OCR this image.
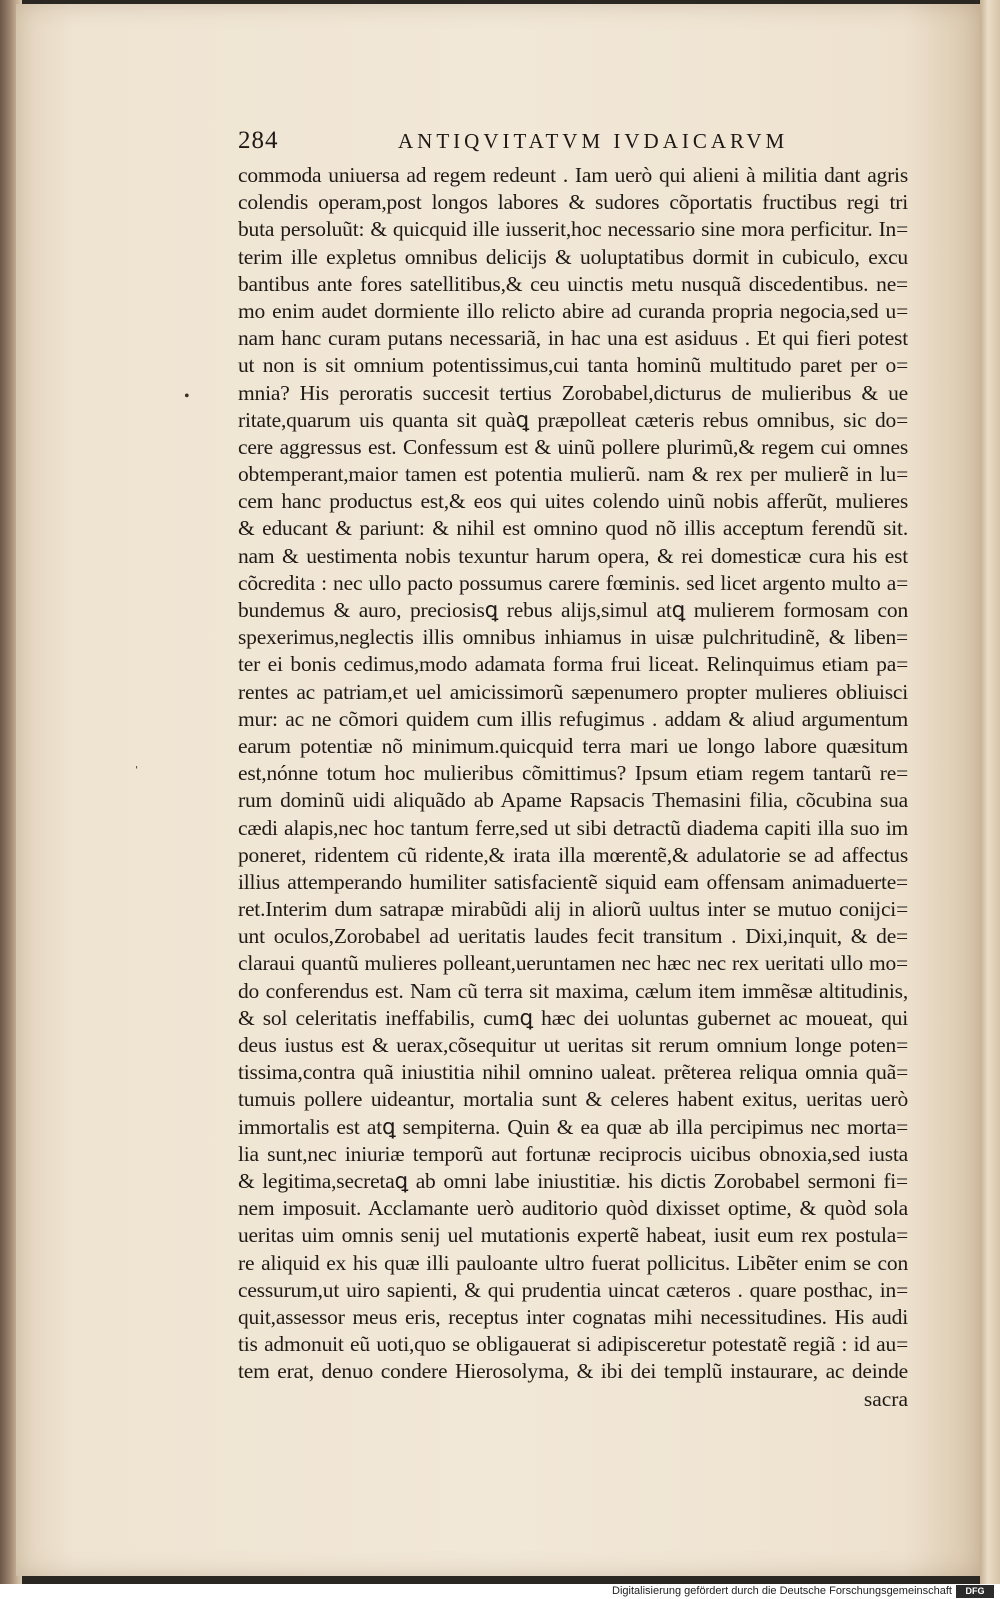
•
ˈ
284	ANTIQVITATVM IVDAICARVM
commoda uniuersa ad regem redeunt . Iam uerò qui alieni à militia dant agris
colendis operam,post longos labores & sudores cõportatis fructibus regi tri
buta persoluũt: & quicquid ille iusserit,hoc necessario sine mora perficitur. In=
terim ille expletus omnibus delicijs & uoluptatibus dormit in cubiculo, excu
bantibus ante fores satellitibus,& ceu uinctis metu nusquã discedentibus. ne=
mo enim audet dormiente illo relicto abire ad curanda propria negocia,sed u=
nam hanc curam putans necessariã, in hac una est asiduus . Et qui fieri potest
ut non is sit omnium potentissimus,cui tanta hominũ multitudo paret per o=
mnia? His peroratis succesit tertius Zorobabel,dicturus de mulieribus & ue
ritate,quarum uis quanta sit quàꝗ præpolleat cæteris rebus omnibus, sic do=
cere aggressus est. Confessum est & uinũ pollere plurimũ,& regem cui omnes
obtemperant,maior tamen est potentia mulierũ. nam & rex per mulierẽ in lu=
cem hanc productus est,& eos qui uites colendo uinũ nobis afferũt, mulieres
& educant & pariunt: & nihil est omnino quod nõ illis acceptum ferendũ sit.
nam & uestimenta nobis texuntur harum opera, & rei domesticæ cura his est
cõcredita : nec ullo pacto possumus carere fœminis. sed licet argento multo a=
bundemus & auro, preciosisꝗ rebus alijs,simul atꝗ mulierem formosam con
spexerimus,neglectis illis omnibus inhiamus in uisæ pulchritudinẽ, & liben=
ter ei bonis cedimus,modo adamata forma frui liceat. Relinquimus etiam pa=
rentes ac patriam,et uel amicissimorũ sæpenumero propter mulieres obliuisci
mur: ac ne cõmori quidem cum illis refugimus . addam & aliud argumentum
earum potentiæ nõ minimum.quicquid terra mari ue longo labore quæsitum
est,nónne totum hoc mulieribus cõmittimus? Ipsum etiam regem tantarũ re=
rum dominũ uidi aliquãdo ab Apame Rapsacis Themasini filia, cõcubina sua
cædi alapis,nec hoc tantum ferre,sed ut sibi detractũ diadema capiti illa suo im
poneret, ridentem cũ ridente,& irata illa mœrentẽ,& adulatorie se ad affectus
illius attemperando humiliter satisfacientẽ siquid eam offensam animaduerte=
ret.Interim dum satrapæ mirabũdi alij in aliorũ uultus inter se mutuo conijci=
unt oculos,Zorobabel ad ueritatis laudes fecit transitum . Dixi,inquit, & de=
claraui quantũ mulieres polleant,ueruntamen nec hæc nec rex ueritati ullo mo=
do conferendus est. Nam cũ terra sit maxima, cælum item immẽsæ altitudinis,
& sol celeritatis ineffabilis, cumꝗ hæc dei uoluntas gubernet ac moueat, qui
deus iustus est & uerax,cõsequitur ut ueritas sit rerum omnium longe poten=
tissima,contra quã iniustitia nihil omnino ualeat. prẽterea reliqua omnia quã=
tumuis pollere uideantur, mortalia sunt & celeres habent exitus, ueritas uerò
immortalis est atꝗ sempiterna. Quin & ea quæ ab illa percipimus nec morta=
lia sunt,nec iniuriæ temporũ aut fortunæ reciprocis uicibus obnoxia,sed iusta
& legitima,secretaꝗ ab omni labe iniustitiæ. his dictis Zorobabel sermoni fi=
nem imposuit. Acclamante uerò auditorio quòd dixisset optime, & quòd sola
ueritas uim omnis senij uel mutationis expertẽ habeat, iusit eum rex postula=
re aliquid ex his quæ illi pauloante ultro fuerat pollicitus. Libẽter enim se con
cessurum,ut uiro sapienti, & qui prudentia uincat cæteros . quare posthac, in=
quit,assessor meus eris, receptus inter cognatas mihi necessitudines. His audi
tis admonuit eũ uoti,quo se obligauerat si adipisceretur potestatẽ regiã : id au=
tem erat, denuo condere Hierosolyma, & ibi dei templũ instaurare, ac deinde
sacra
Digitalisierung gefördert durch die Deutsche Forschungsgemeinschaft	DFG
